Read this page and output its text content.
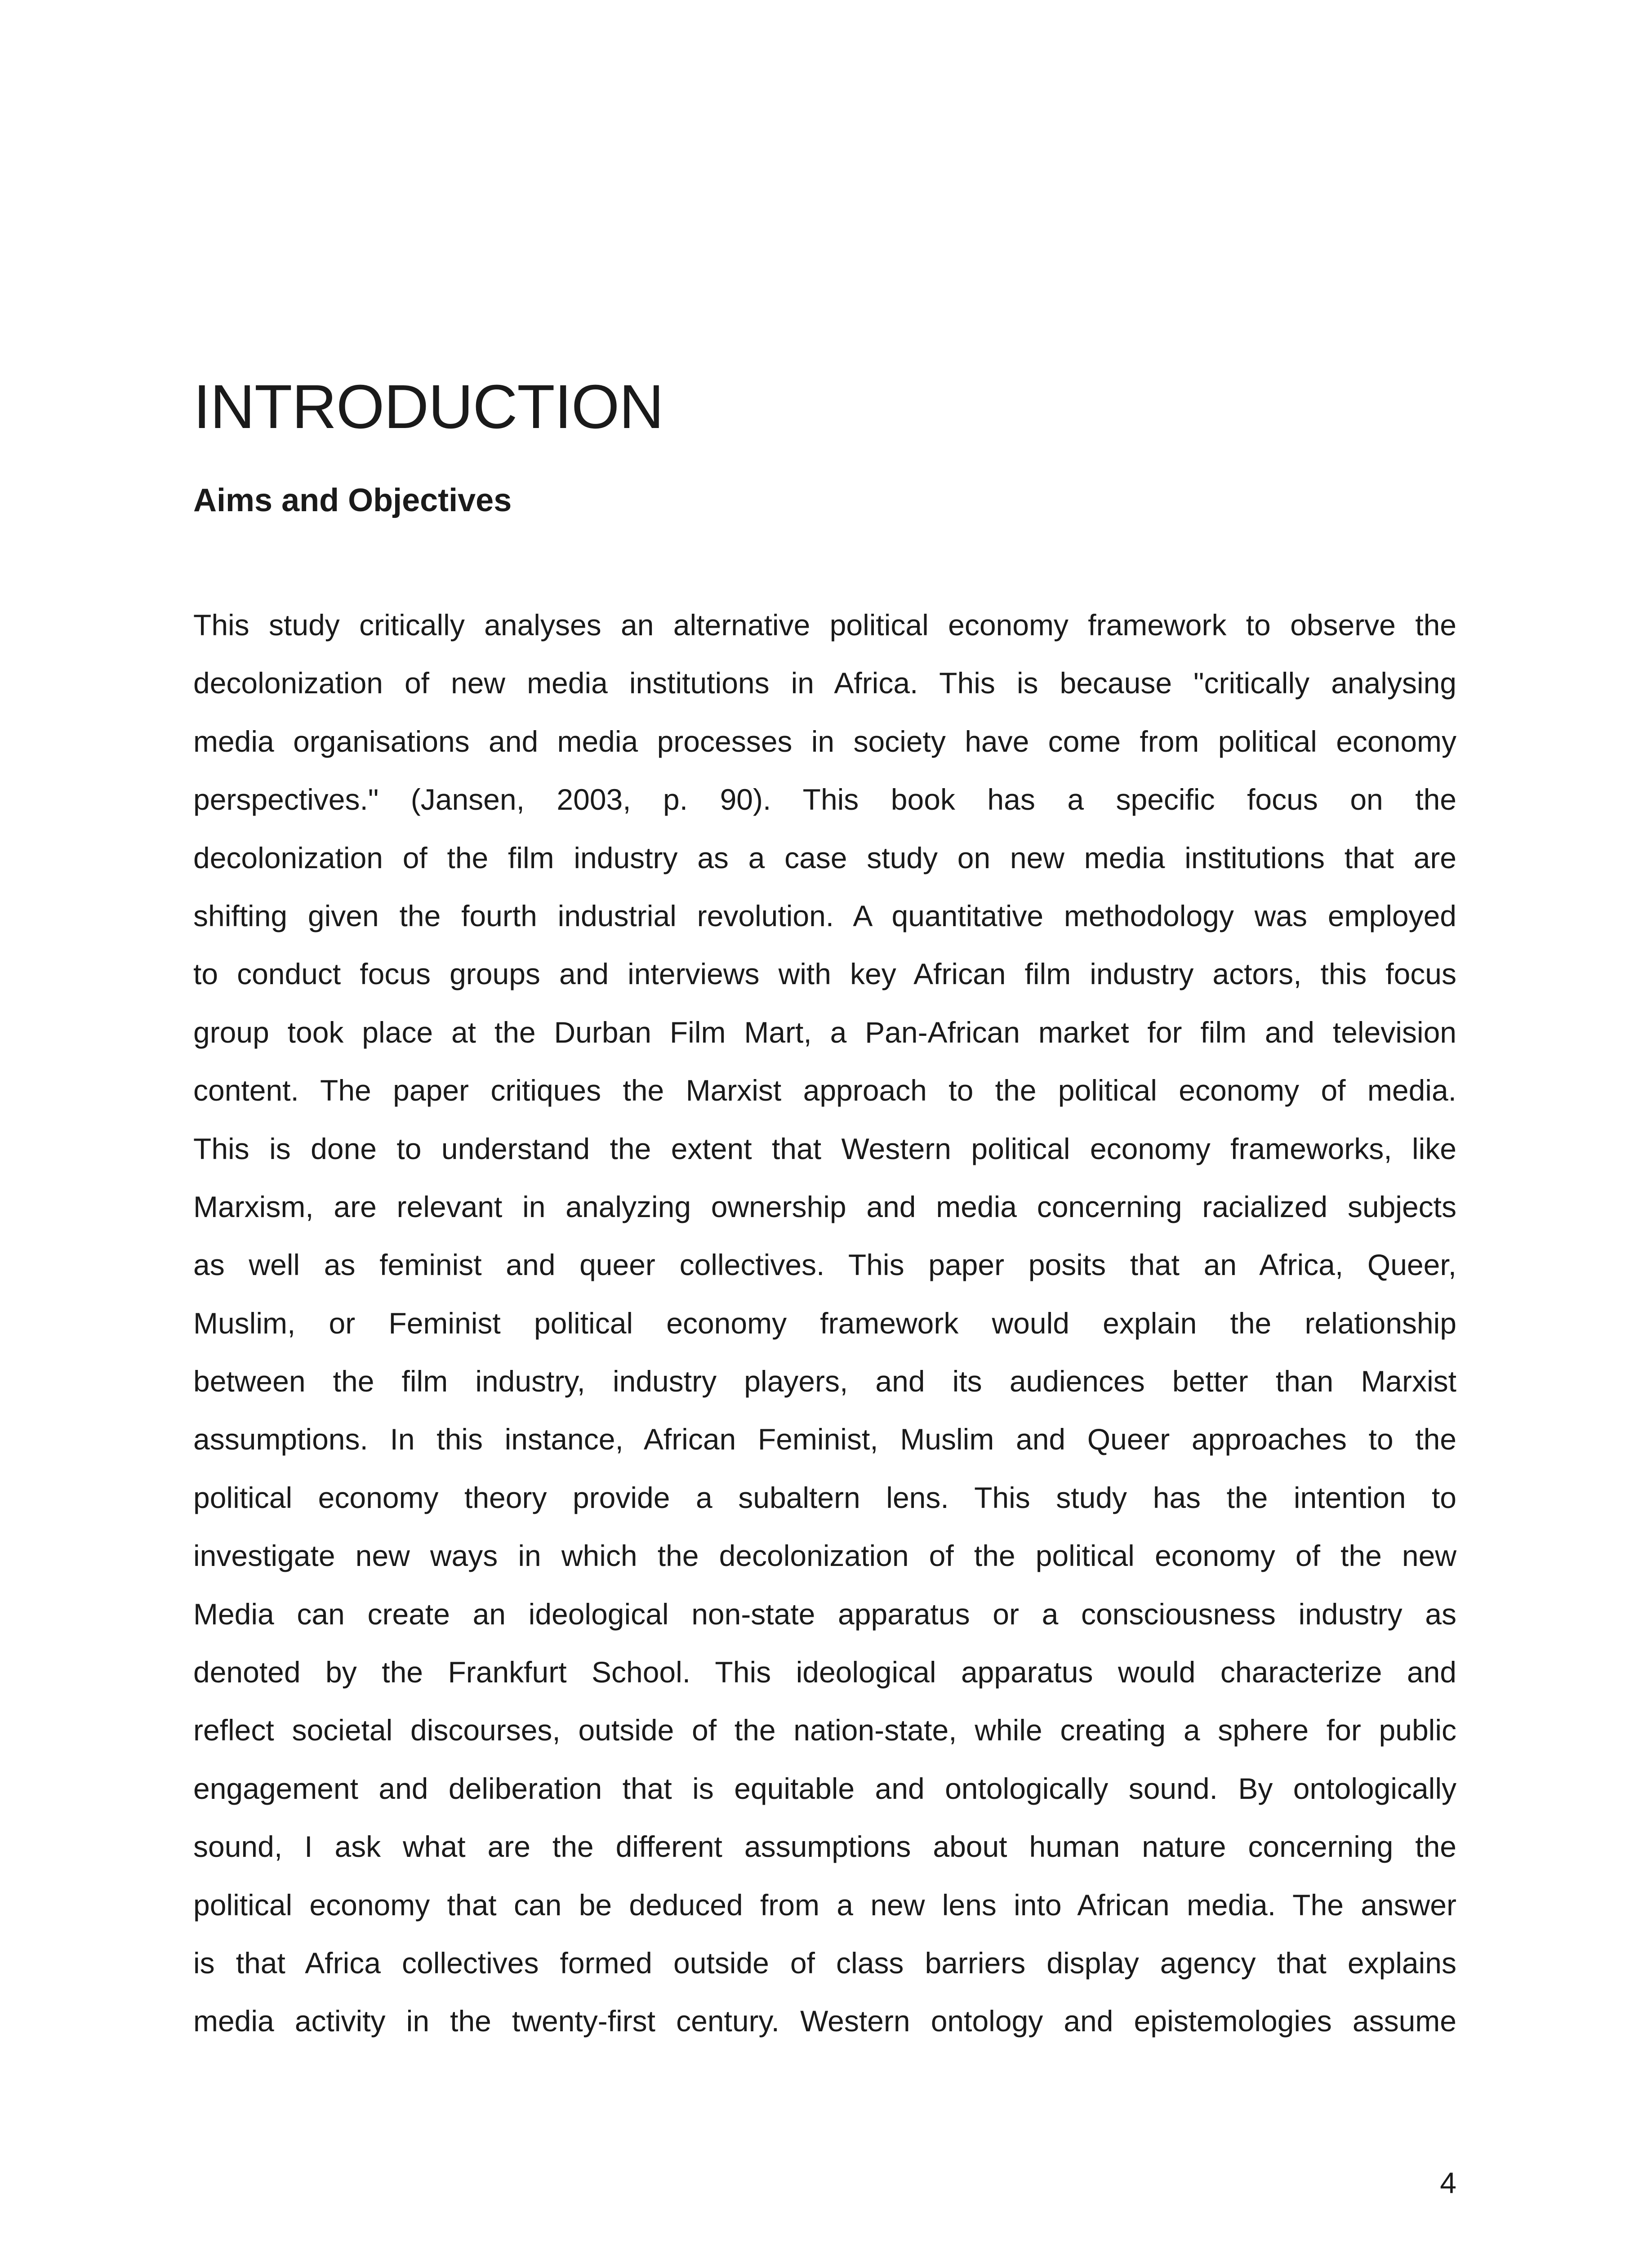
INTRODUCTION
Aims and Objectives
This study critically analyses an alternative political economy framework to observe the
decolonization of new media institutions in Africa. This is because "critically analysing
media organisations and media processes in society have come from political economy
perspectives." (Jansen, 2003, p. 90). This book has a specific focus on the
decolonization of the film industry as a case study on new media institutions that are
shifting given the fourth industrial revolution. A quantitative methodology was employed
to conduct focus groups and interviews with key African film industry actors, this focus
group took place at the Durban Film Mart, a Pan-African market for film and television
content. The paper critiques the Marxist approach to the political economy of media.
This is done to understand the extent that Western political economy frameworks, like
Marxism, are relevant in analyzing ownership and media concerning racialized subjects
as well as feminist and queer collectives. This paper posits that an Africa, Queer,
Muslim, or Feminist political economy framework would explain the relationship
between the film industry, industry players, and its audiences better than Marxist
assumptions. In this instance, African Feminist, Muslim and Queer approaches to the
political economy theory provide a subaltern lens. This study has the intention to
investigate new ways in which the decolonization of the political economy of the new
Media can create an ideological non-state apparatus or a consciousness industry as
denoted by the Frankfurt School. This ideological apparatus would characterize and
reflect societal discourses, outside of the nation-state, while creating a sphere for public
engagement and deliberation that is equitable and ontologically sound. By ontologically
sound, I ask what are the different assumptions about human nature concerning the
political economy that can be deduced from a new lens into African media. The answer
is that Africa collectives formed outside of class barriers display agency that explains
media activity in the twenty-first century. Western ontology and epistemologies assume
4
